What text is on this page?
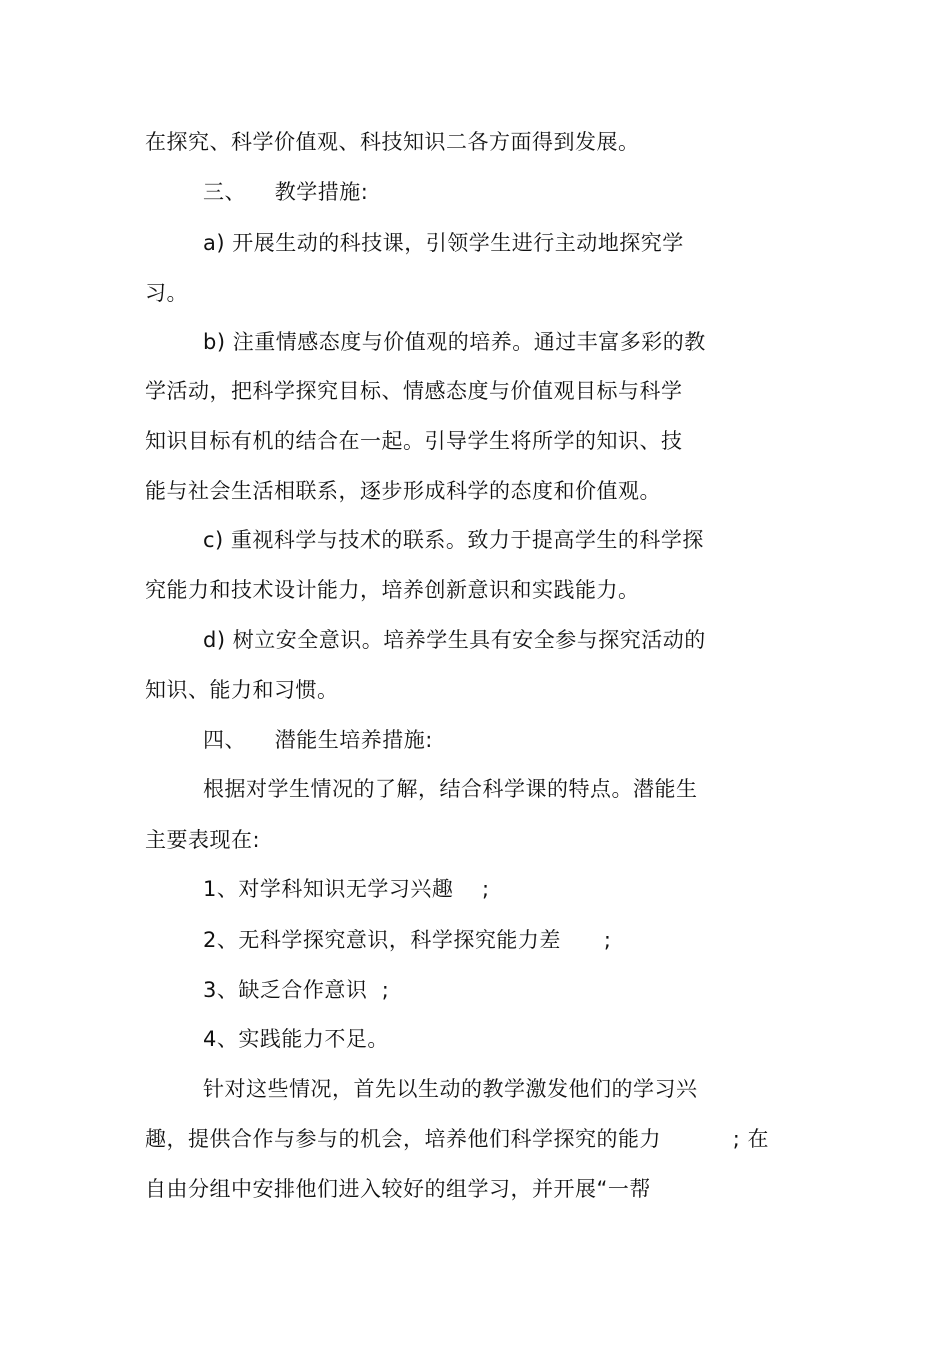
在探究、科学价值观、科技知识二各方面得到发展。
三、    教学措施:
a) 开展生动的科技课，引领学生进行主动地探究学
习。
b) 注重情感态度与价值观的培养。通过丰富多彩的教
学活动，把科学探究目标、情感态度与价值观目标与科学
知识目标有机的结合在一起。引导学生将所学的知识、技
能与社会生活相联系，逐步形成科学的态度和价值观。
c) 重视科学与技术的联系。致力于提高学生的科学探
究能力和技术设计能力，培养创新意识和实践能力。
d) 树立安全意识。培养学生具有安全参与探究活动的
知识、能力和习惯。
四、    潜能生培养措施:
根据对学生情况的了解，结合科学课的特点。潜能生
主要表现在:
1、对学科知识无学习兴趣    ;
2、无科学探究意识，科学探究能力差      ;
3、缺乏合作意识  ;
4、实践能力不足。
针对这些情况，首先以生动的教学激发他们的学习兴
趣，提供合作与参与的机会，培养他们科学探究的能力          ; 在
自由分组中安排他们进入较好的组学习，并开展“一帮
